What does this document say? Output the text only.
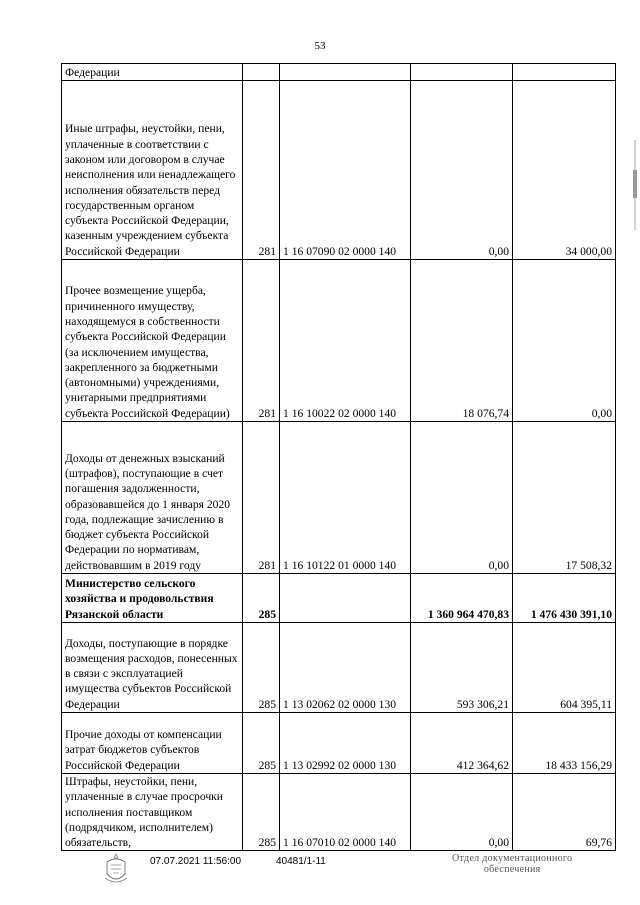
53
Федерации				
Иные штрафы, неустойки, пени, уплаченные в соответствии с законом или договором в случае неисполнения или ненадлежащего исполнения обязательств перед государственным органом субъекта Российской Федерации, казенным учреждением субъекта Российской Федерации	281	1 16 07090 02 0000 140	0,00	34 000,00
Прочее возмещение ущерба, причиненного имуществу, находящемуся в собственности субъекта Российской Федерации (за исключением имущества, закрепленного за бюджетными (автономными) учреждениями, унитарными предприятиями субъекта Российской Федерации)	281	1 16 10022 02 0000 140	18 076,74	0,00
Доходы от денежных взысканий (штрафов), поступающие в счет погашения задолженности, образовавшейся до 1 января 2020 года, подлежащие зачислению в бюджет субъекта Российской Федерации по нормативам, действовавшим в 2019 году	281	1 16 10122 01 0000 140	0,00	17 508,32
Министерство сельского хозяйства и продовольствия Рязанской области	285		1 360 964 470,83	1 476 430 391,10
Доходы, поступающие в порядке возмещения расходов, понесенных в связи с эксплуатацией имущества субъектов Российской Федерации	285	1 13 02062 02 0000 130	593 306,21	604 395,11
Прочие доходы от компенсации затрат бюджетов субъектов Российской Федерации	285	1 13 02992 02 0000 130	412 364,62	18 433 156,29
Штрафы, неустойки, пени, уплаченные в случае просрочки исполнения поставщиком (подрядчиком, исполнителем) обязательств,	285	1 16 07010 02 0000 140	0,00	69,76
07.07.2021 11:56:00	40481/1-11	Отдел документационного
обеспечения
